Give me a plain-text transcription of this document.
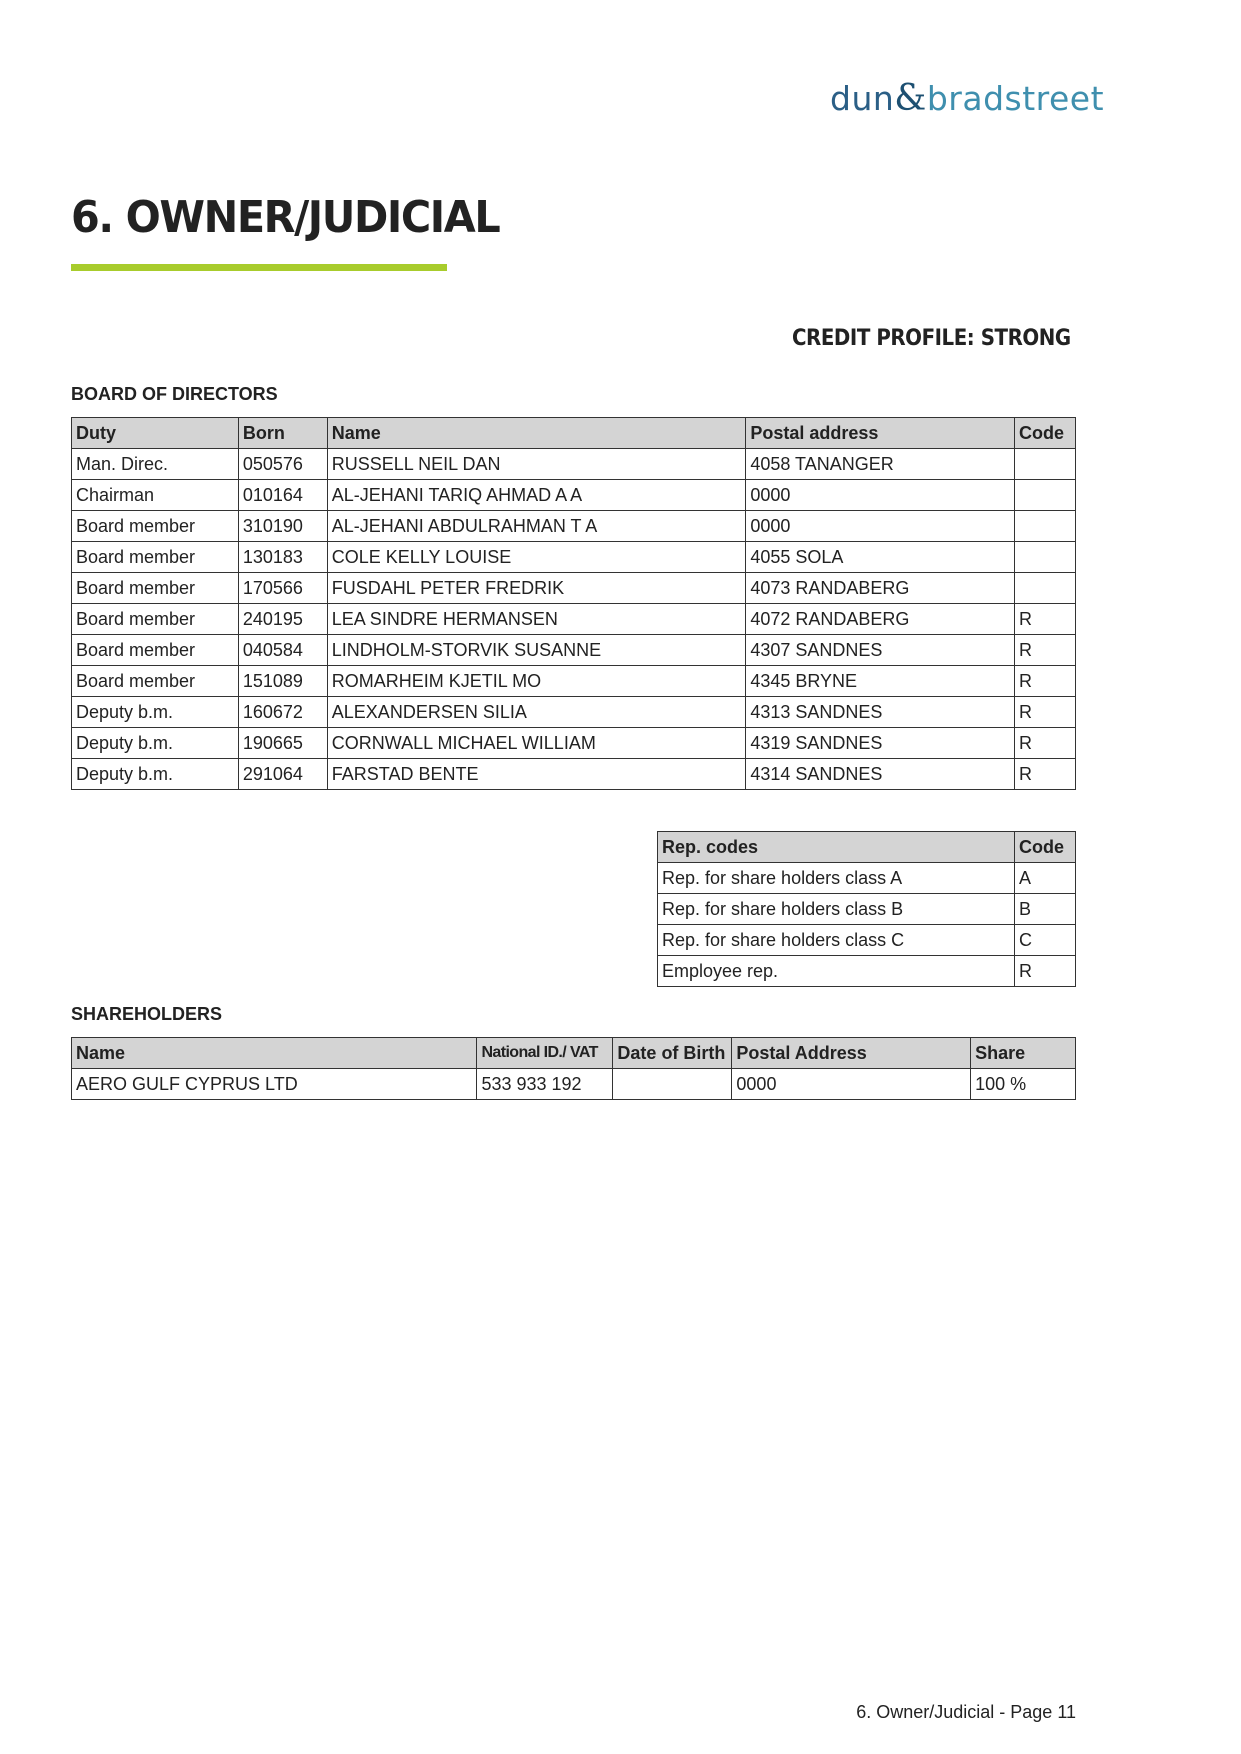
dun&bradstreet
6. OWNER/JUDICIAL
CREDIT PROFILE: STRONG
BOARD OF DIRECTORS
Duty	Born	Name	Postal address	Code
Man. Direc.	050576	RUSSELL NEIL DAN	4058 TANANGER	
Chairman	010164	AL-JEHANI TARIQ AHMAD A A	0000	
Board member	310190	AL-JEHANI ABDULRAHMAN T A	0000	
Board member	130183	COLE KELLY LOUISE	4055 SOLA	
Board member	170566	FUSDAHL PETER FREDRIK	4073 RANDABERG	
Board member	240195	LEA SINDRE HERMANSEN	4072 RANDABERG	R
Board member	040584	LINDHOLM-STORVIK SUSANNE	4307 SANDNES	R
Board member	151089	ROMARHEIM KJETIL MO	4345 BRYNE	R
Deputy b.m.	160672	ALEXANDERSEN SILIA	4313 SANDNES	R
Deputy b.m.	190665	CORNWALL MICHAEL WILLIAM	4319 SANDNES	R
Deputy b.m.	291064	FARSTAD BENTE	4314 SANDNES	R
Rep. codes	Code
Rep. for share holders class A	A
Rep. for share holders class B	B
Rep. for share holders class C	C
Employee rep.	R
SHAREHOLDERS
Name	National ID./ VAT	Date of Birth	Postal Address	Share
AERO GULF CYPRUS LTD	533 933 192		0000	100 %
6. Owner/Judicial - Page 11
